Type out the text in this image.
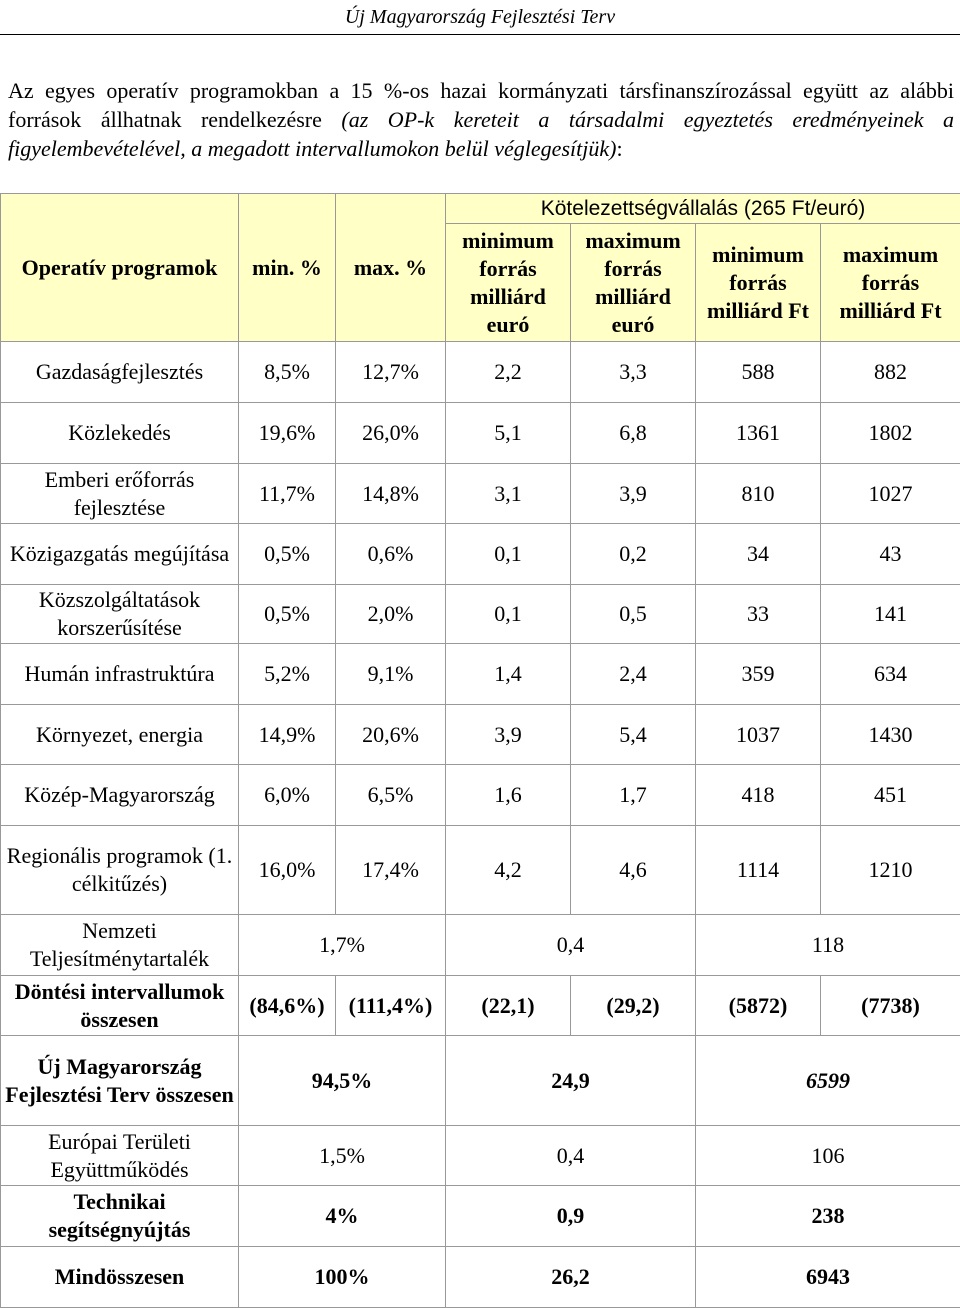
Új Magyarország Fejlesztési Terv
Az egyes operatív programokban a 15 %-os hazai kormányzati társfinanszírozással együtt az alábbi források állhatnak rendelkezésre (az OP-k kereteit a társadalmi egyeztetés eredményeinek a figyelembevételével, a megadott intervallumokon belül véglegesítjük):
Operatív programok	min. %	max. %	Kötelezettségvállalás (265 Ft/euró)			
			minimum forrás milliárd euró	maximum forrás milliárd euró	minimum forrás milliárd Ft	maximum forrás milliárd Ft
Gazdaságfejlesztés	8,5%	12,7%	2,2	3,3	588	882
Közlekedés	19,6%	26,0%	5,1	6,8	1361	1802
Emberi erőforrás fejlesztése	11,7%	14,8%	3,1	3,9	810	1027
Közigazgatás megújítása	0,5%	0,6%	0,1	0,2	34	43
Közszolgáltatások korszerűsítése	0,5%	2,0%	0,1	0,5	33	141
Humán infrastruktúra	5,2%	9,1%	1,4	2,4	359	634
Környezet, energia	14,9%	20,6%	3,9	5,4	1037	1430
Közép-Magyarország	6,0%	6,5%	1,6	1,7	418	451
Regionális programok (1. célkitűzés)	16,0%	17,4%	4,2	4,6	1114	1210
Nemzeti Teljesítménytartalék	1,7%		0,4		118	
Döntési intervallumok összesen	(84,6%)	(111,4%)	(22,1)	(29,2)	(5872)	(7738)
Új Magyarország Fejlesztési Terv összesen	94,5%		24,9		6599	
Európai Területi Együttműködés	1,5%		0,4		106	
Technikai segítségnyújtás	4%		0,9		238	
Mindösszesen	100%		26,2		6943	
